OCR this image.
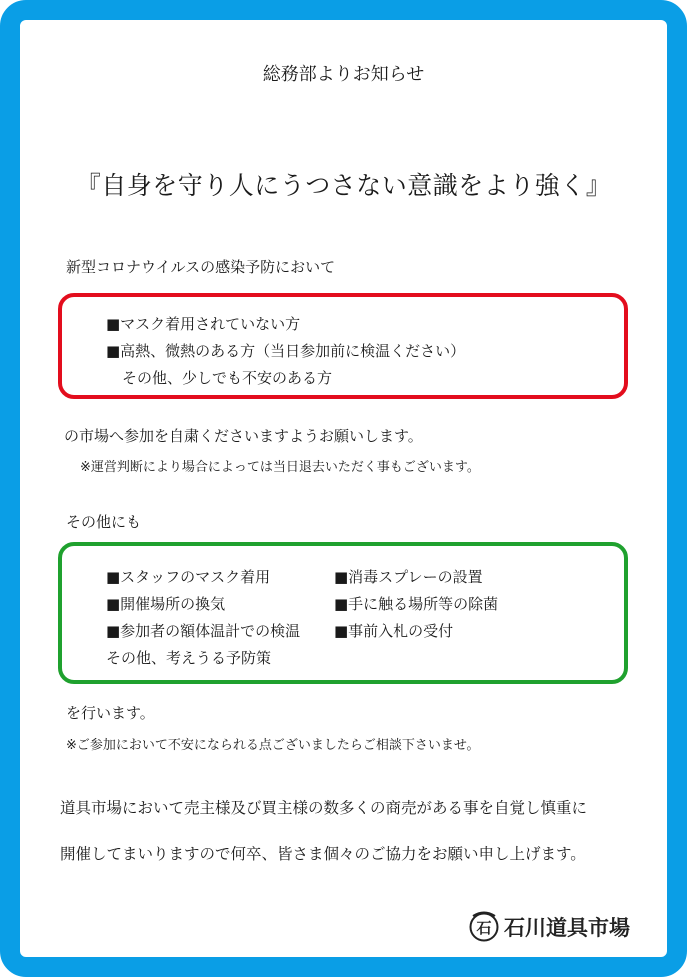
総務部よりお知らせ
『自身を守り人にうつさない意識をより強く』
新型コロナウイルスの感染予防において
■マスク着用されていない方
■高熱、微熱のある方（当日参加前に検温ください）
その他、少しでも不安のある方
の市場へ参加を自粛くださいますようお願いします。
※運営判断により場合によっては当日退去いただく事もございます。
その他にも
■スタッフのマスク着用
■開催場所の換気
■参加者の額体温計での検温
その他、考えうる予防策
■消毒スプレーの設置
■手に触る場所等の除菌
■事前入札の受付
を行います。
※ご参加において不安になられる点ございましたらご相談下さいませ。
道具市場において売主様及び買主様の数多くの商売がある事を自覚し慎重に
開催してまいりますので何卒、皆さま個々のご協力をお願い申し上げます。
石 石川道具市場
